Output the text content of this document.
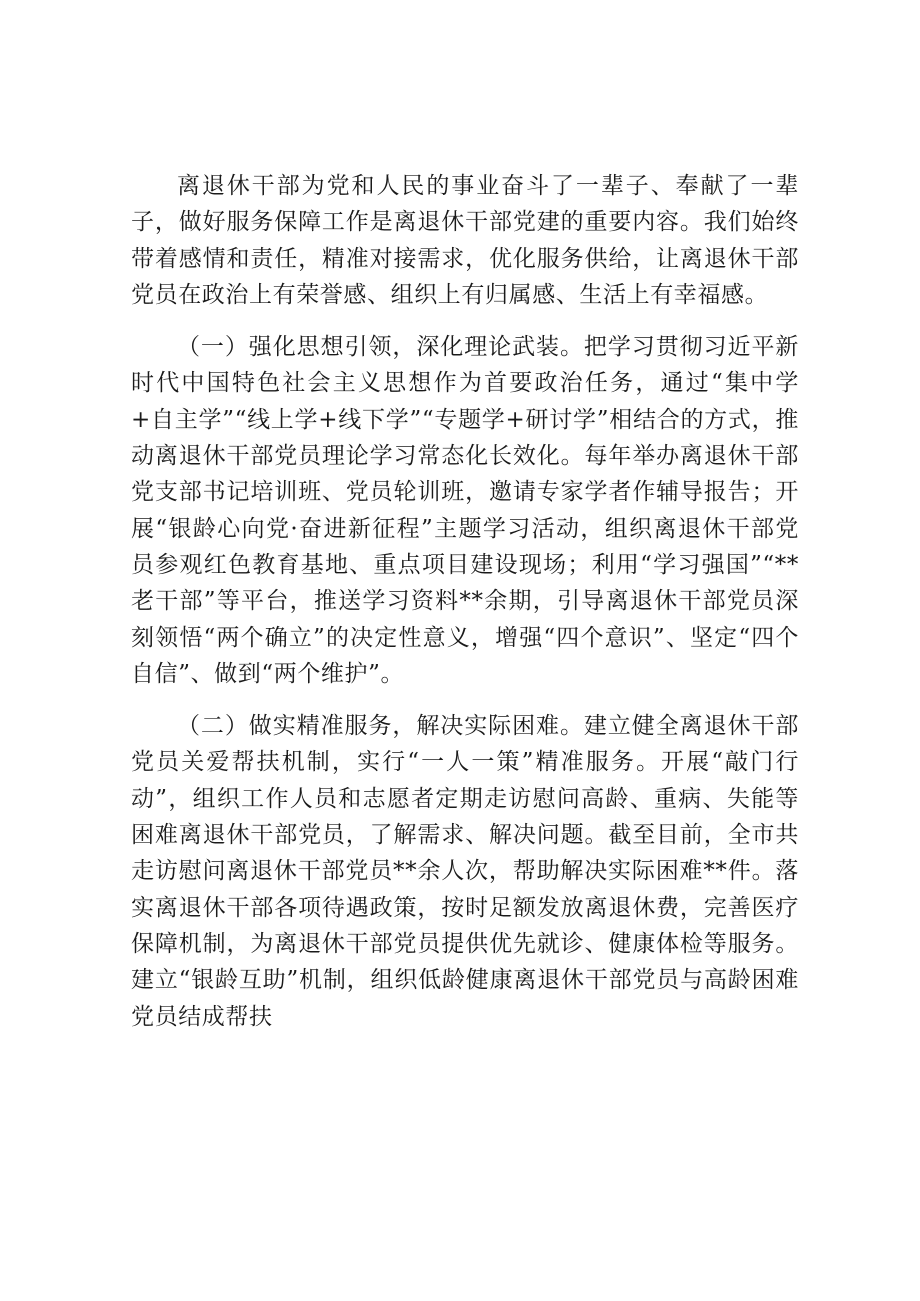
离退休干部为党和人民的事业奋斗了一辈子、奉献了一辈子，做好服务保障工作是离退休干部党建的重要内容。我们始终带着感情和责任，精准对接需求，优化服务供给，让离退休干部党员在政治上有荣誉感、组织上有归属感、生活上有幸福感。

（一）强化思想引领，深化理论武装。把学习贯彻习近平新时代中国特色社会主义思想作为首要政治任务，通过“集中学+自主学”“线上学+线下学”“专题学+研讨学”相结合的方式，推动离退休干部党员理论学习常态化长效化。每年举办离退休干部党支部书记培训班、党员轮训班，邀请专家学者作辅导报告；开展“银龄心向党·奋进新征程”主题学习活动，组织离退休干部党员参观红色教育基地、重点项目建设现场；利用“学习强国”“**老干部”等平台，推送学习资料**余期，引导离退休干部党员深刻领悟“两个确立”的决定性意义，增强“四个意识”、坚定“四个自信”、做到“两个维护”。

（二）做实精准服务，解决实际困难。建立健全离退休干部党员关爱帮扶机制，实行“一人一策”精准服务。开展“敲门行动”，组织工作人员和志愿者定期走访慰问高龄、重病、失能等困难离退休干部党员，了解需求、解决问题。截至目前，全市共走访慰问离退休干部党员**余人次，帮助解决实际困难**件。落实离退休干部各项待遇政策，按时足额发放离退休费，完善医疗保障机制，为离退休干部党员提供优先就诊、健康体检等服务。建立“银龄互助”机制，组织低龄健康离退休干部党员与高龄困难党员结成帮扶
